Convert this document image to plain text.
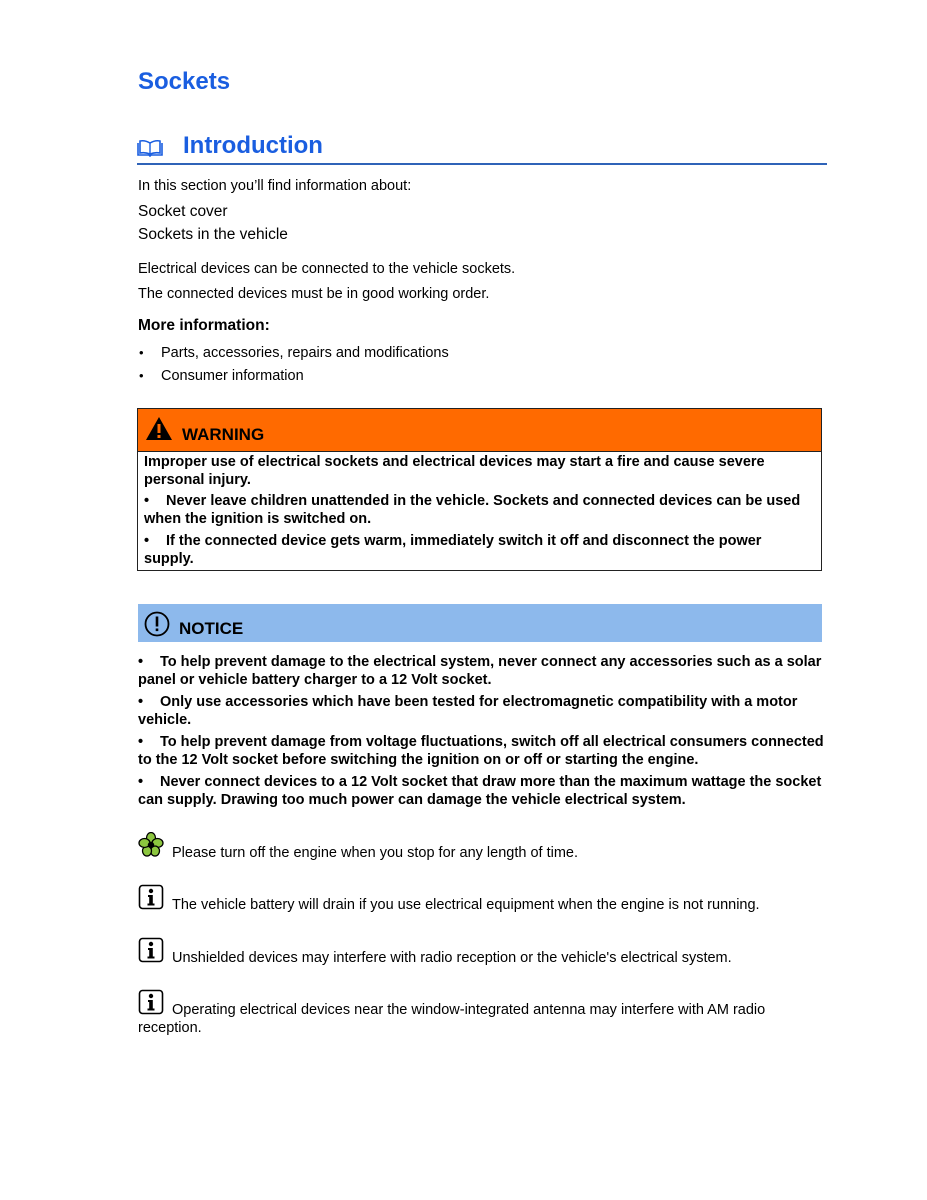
Sockets
Introduction
In this section you’ll find information about:
Socket cover
Sockets in the vehicle
Electrical devices can be connected to the vehicle sockets.
The connected devices must be in good working order.
More information:
• Parts, accessories, repairs and modifications
• Consumer information
WARNING
Improper use of electrical sockets and electrical devices may start a fire and cause severe personal injury.
• Never leave children unattended in the vehicle. Sockets and connected devices can be used when the ignition is switched on.
• If the connected device gets warm, immediately switch it off and disconnect the power supply.
NOTICE
• To help prevent damage to the electrical system, never connect any accessories such as a solar panel or vehicle battery charger to a 12 Volt socket.
• Only use accessories which have been tested for electromagnetic compatibility with a motor vehicle.
• To help prevent damage from voltage fluctuations, switch off all electrical consumers connected to the 12 Volt socket before switching the ignition on or off or starting the engine.
• Never connect devices to a 12 Volt socket that draw more than the maximum wattage the socket can supply. Drawing too much power can damage the vehicle electrical system.
Please turn off the engine when you stop for any length of time.
The vehicle battery will drain if you use electrical equipment when the engine is not running.
Unshielded devices may interfere with radio reception or the vehicle's electrical system.
Operating electrical devices near the window-integrated antenna may interfere with AM radio reception.
